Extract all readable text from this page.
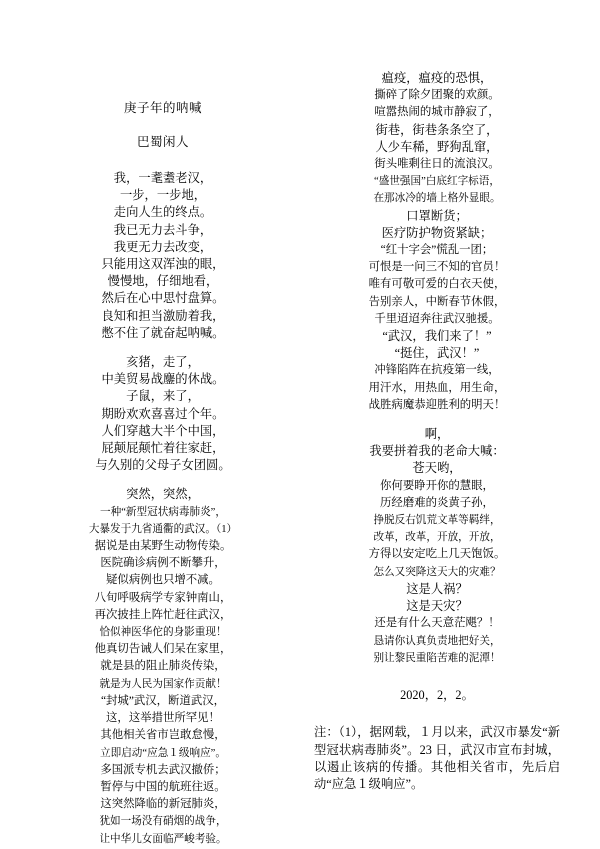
庚子年的呐喊
巴蜀闲人
我，一耄耋老汉，
一步，一步地，
走向人生的终点。
我已无力去斗争，
我更无力去改变，
只能用这双浑浊的眼，
慢慢地，仔细地看，
然后在心中思忖盘算。
良知和担当激励着我，
憋不住了就奋起呐喊。
亥猪，走了，
中美贸易战鏖的休战。
子鼠，来了，
期盼欢欢喜喜过个年。
人们穿越大半个中国，
屁颠屁颠忙着往家赶，
与久别的父母子女团圆。
突然，突然，
一种“新型冠状病毒肺炎”，
大暴发于九省通衢的武汉。（1）
据说是由某野生动物传染。
医院确诊病例不断攀升，
疑似病例也只增不减。
八旬呼吸病学专家钟南山，
再次披挂上阵忙赶往武汉，
恰似神医华佗的身影重现！
他真切告诫人们呆在家里，
就是县的阻止肺炎传染，
就是为人民为国家作贡献！
“封城”武汉，断道武汉，
这，这举措世所罕见！
其他相关省市岂敢怠慢，
立即启动“应急１级响应”。
多国派专机去武汉撤侨；
暂停与中国的航班往返。
这突然降临的新冠肺炎，
犹如一场没有硝烟的战争，
让中华儿女面临严峻考验。
瘟疫，瘟疫的恐惧，
撕碎了除夕团聚的欢颜。
喧嚣热闹的城市静寂了，
街巷，街巷条条空了，
人少车稀，野狗乱窜，
街头唯剩往日的流浪汉。
“盛世强国”白底红字标语，
在那冰冷的墙上格外显眼。
口罩断货；
医疗防护物资紧缺；
“红十字会”慌乱一团；
可恨是一问三不知的官员！
唯有可敬可爱的白衣天使，
告别亲人，中断春节休假，
千里迢迢奔往武汉驰援。
“武汉，我们来了！”
“挺住，武汉！”
冲锋陷阵在抗疫第一线，
用汗水，用热血，用生命，
战胜病魔恭迎胜利的明天！
啊，
我要拼着我的老命大喊：
苍天哟，
你何要睁开你的慧眼，
历经磨难的炎黄子孙，
挣脱反右饥荒文革等羁绊，
改革，改革，开放，开放，
方得以安定吃上几天饱饭。
怎么又突降这天大的灾难？
这是人祸？
这是天灾？
还是有什么天意茫飓？！
恳请你认真负责地把好关，
别让黎民重陷苦难的泥潭！
2020，2，2。

注：（1），据网载，１月以来，武汉市暴发“新型冠状病毒肺炎”。23 日，武汉市宣布封城，以遏止该病的传播。其他相关省市，先后启动“应急１级响应”。
